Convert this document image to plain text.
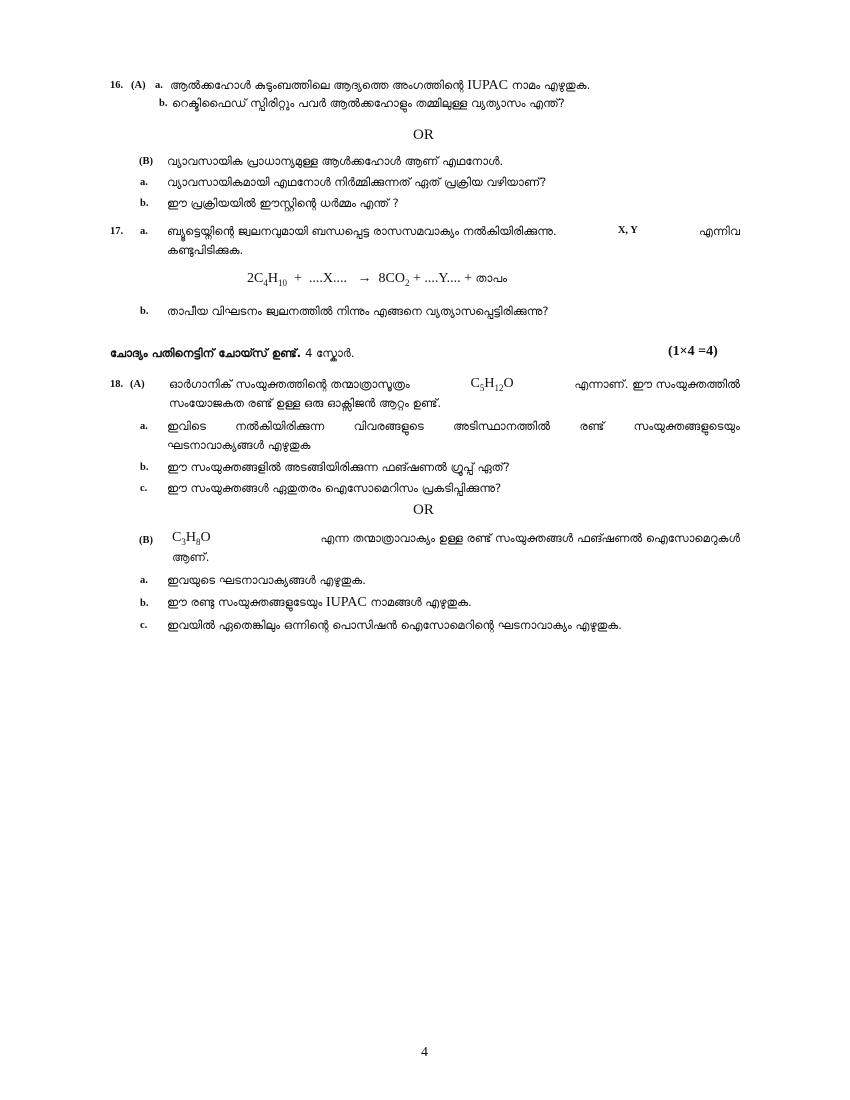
16. (A) a. ആൽക്കഹോൾ കുടുംബത്തിലെ ആദ്യത്തെ അംഗത്തിന്റെ IUPAC നാമം എഴുതുക.
b. റെക്ടിഫൈഡ് സ്പിരിറ്റും പവർ ആൽക്കഹോളും തമ്മിലുള്ള വ്യത്യാസം എന്ത്?
OR
(B) വ്യാവസായിക പ്രാധാന്യമുള്ള ആൾക്കഹോൾ ആണ് എഥനോൾ.
a. വ്യാവസായികമായി എഥനോൾ നിർമ്മിക്കുന്നത് ഏത് പ്രക്രിയ വഴിയാണ്?
b. ഈ പ്രക്രിയയിൽ ഈസ്റ്റിന്റെ ധർമ്മം എന്ത് ?
17. a. ബ്യൂട്ടെയ്നിന്റെ ജ്വലനവുമായി ബന്ധപ്പെട്ട രാസസമവാക്യം നൽകിയിരിക്കുന്നു.	X, Y	എന്നിവ
കണ്ടുപിടിക്കുക.
$2C_4H_{10} + ....X$....   →  $8CO_2 + ....Y$.... + താപം
b. താപീയ വിഘടനം ജ്വലനത്തിൽ നിന്നും എങ്ങനെ വ്യത്യാസപ്പെട്ടിരിക്കുന്നു?
ചോദ്യം പതിനെട്ടിന് ചോയ്സ് ഉണ്ട്. 4 സ്കോർ.	(1×4 =4)
18. (A) ഓർഗാനിക് സംയുക്തത്തിന്റെ തന്മാത്രാസൂത്രം	$C_5H_{12}O$	എന്നാണ്. ഈ സംയുക്തത്തിൽ
സംയോജകത രണ്ട് ഉള്ള ഒരു ഓക്സിജൻ ആറ്റം ഉണ്ട്.
a. ഇവിടെ	നൽകിയിരിക്കുന്ന	വിവരങ്ങളുടെ	അടിസ്ഥാനത്തിൽ	രണ്ട്	സംയുക്തങ്ങളുടെയും
ഘടനാവാക്യങ്ങൾ എഴുതുക
b. ഈ സംയുക്തങ്ങളിൽ അടങ്ങിയിരിക്കുന്ന ഫങ്ഷണൽ ഗ്രൂപ്പ് ഏത്?
c. ഈ സംയുക്തങ്ങൾ ഏതുതരം ഐസോമെറിസം പ്രകടിപ്പിക്കുന്നു?
OR
(B) $C_3H_8O$	എന്ന തന്മാത്രാവാക്യം ഉള്ള രണ്ട് സംയുക്തങ്ങൾ ഫങ്ഷണൽ ഐസോമെറുകൾ
ആണ്.
a. ഇവയുടെ ഘടനാവാക്യങ്ങൾ എഴുതുക.
b. ഈ രണ്ടു സംയുക്തങ്ങളുടേയും IUPAC നാമങ്ങൾ എഴുതുക.
c. ഇവയിൽ ഏതെങ്കിലും ഒന്നിന്റെ പൊസിഷൻ ഐസോമെറിന്റെ ഘടനാവാക്യം എഴുതുക.
4
